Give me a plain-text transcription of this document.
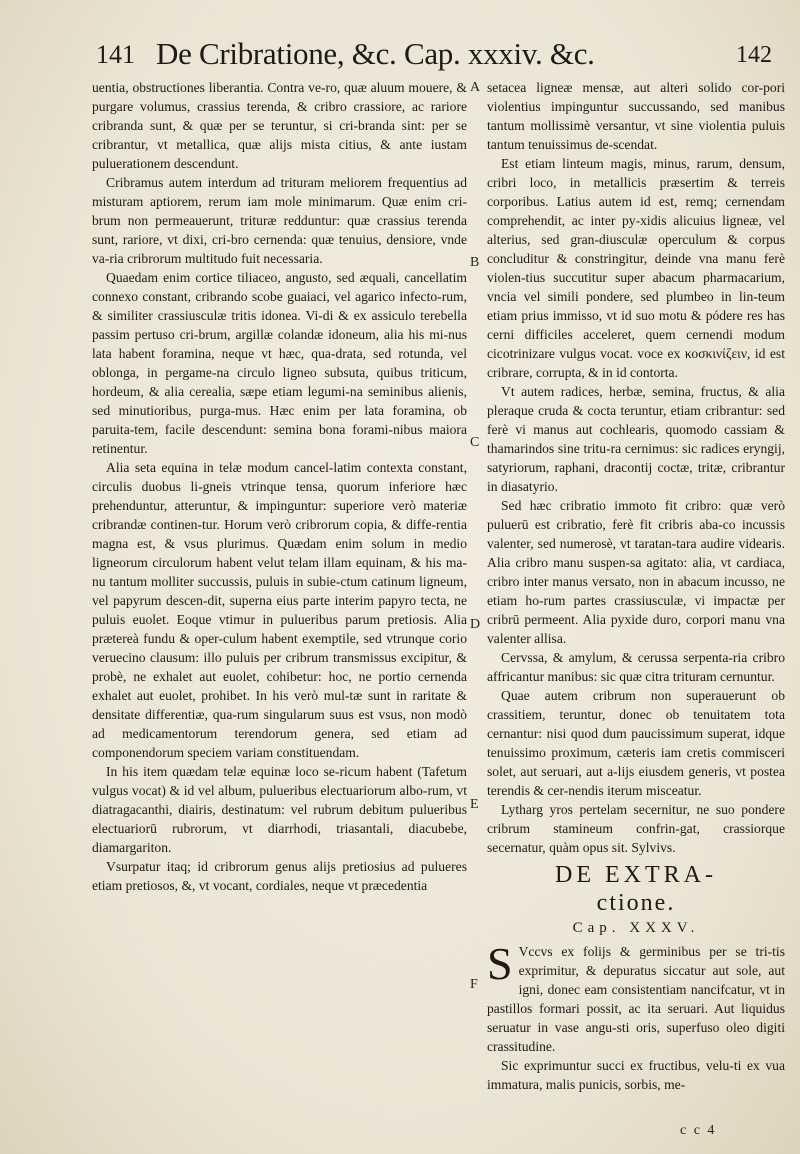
141 De Cribratione, &c. Cap. xxxiv. &c.	142
A
B
C
D
E
F

uentia, obstructiones liberantia. Contra ve-ro, quæ aluum mouere, & purgare volumus, crassius terenda, & cribro crassiore, ac rariore cribranda sunt, & quæ per se teruntur, si cri-branda sint: per se cribrantur, vt metallica, quæ alijs mista citius, & ante iustam puluerationem descendunt.

Cribramus autem interdum ad trituram meliorem frequentius ad misturam aptiorem, rerum iam mole minimarum. Quæ enim cri-brum non permeauerunt, trituræ redduntur: quæ crassius terenda sunt, rariore, vt dixi, cri-bro cernenda: quæ tenuius, densiore, vnde va-ria cribrorum multitudo fuit necessaria.

Quaedam enim cortice tiliaceo, angusto, sed æquali, cancellatim connexo constant, cribrando scobe guaiaci, vel agarico infecto-rum, & similiter crassiusculæ tritis idonea. Vi-di & ex assiculo terebella passim pertuso cri-brum, argillæ colandæ idoneum, alia his mi-nus lata habent foramina, neque vt hæc, qua-drata, sed rotunda, vel oblonga, in pergame-na circulo ligneo subsuta, quibus triticum, hordeum, & alia cerealia, sæpe etiam legumi-na seminibus alienis, sed minutioribus, purga-mus. Hæc enim per lata foramina, ob paruita-tem, facile descendunt: semina bona forami-nibus maiora retinentur.

Alia seta equina in telæ modum cancel-latim contexta constant, circulis duobus li-gneis vtrinque tensa, quorum inferiore hæc prehenduntur, atteruntur, & impinguntur: superiore verò materiæ cribrandæ continen-tur. Horum verò cribrorum copia, & diffe-rentia magna est, & vsus plurimus. Quædam enim solum in medio ligneorum circulorum habent velut telam illam equinam, & his ma-nu tantum molliter succussis, puluis in subie-ctum catinum ligneum, vel papyrum descen-dit, superna eius parte interim papyro tecta, ne puluis euolet. Eoque vtimur in pulueribus parum pretiosis. Alia prætereà fundu & oper-culum habent exemptile, sed vtrunque corio veruecino clausum: illo puluis per cribrum transmissus excipitur, & probè, ne exhalet aut euolet, cohibetur: hoc, ne portio cernenda exhalet aut euolet, prohibet. In his verò mul-tæ sunt in raritate & densitate differentiæ, qua-rum singularum suus est vsus, non modò ad medicamentorum terendorum genera, sed etiam ad componendorum speciem variam constituendam.

In his item quædam telæ equinæ loco se-ricum habent (Tafetum vulgus vocat) & id vel album, pulueribus electuariorum albo-rum, vt diatragacanthi, diairis, destinatum: vel rubrum debitum pulueribus electuariorū rubrorum, vt diarrhodi, triasantali, diacubebe, diamargariton.

Vsurpatur itaq; id cribrorum genus alijs pretiosius ad pulueres etiam pretiosos, &, vt vocant, cordiales, neque vt præcedentia

setacea ligneæ mensæ, aut alteri solido cor-pori violentius impinguntur succussando, sed manibus tantum mollissimè versantur, vt sine violentia puluis tantum tenuissimus de-scendat.

Est etiam linteum magis, minus, rarum, densum, cribri loco, in metallicis præsertim & terreis corporibus. Latius autem id est, remq; cernendam comprehendit, ac inter py-xidis alicuius ligneæ, vel alterius, sed gran-diusculæ operculum & corpus concluditur & constringitur, deinde vna manu ferè violen-tius succutitur super abacum pharmacarium, vncia vel simili pondere, sed plumbeo in lin-teum etiam prius immisso, vt id suo motu & pódere res has cerni difficiles acceleret, quem cernendi modum cicotrinizare vulgus vocat. voce ex κοσκινίζειν, id est cribrare, corrupta, & in id contorta.

Vt autem radices, herbæ, semina, fructus, & alia pleraque cruda & cocta teruntur, etiam cribrantur: sed ferè vi manus aut cochlearis, quomodo cassiam & thamarindos sine tritu-ra cernimus: sic radices eryngij, satyriorum, raphani, dracontij coctæ, tritæ, cribrantur in diasatyrio.

Sed hæc cribratio immoto fit cribro: quæ verò puluerū est cribratio, ferè fit cribris aba-co incussis valenter, sed numerosè, vt taratan-tara audire videaris. Alia cribro manu suspen-sa agitato: alia, vt cardiaca, cribro inter manus versato, non in abacum incusso, ne etiam ho-rum partes crassiusculæ, vi impactæ per cribrū permeent. Alia pyxide duro, corpori manu vna valenter allisa.

Cervssa, & amylum, & cerussa serpenta-ria cribro affricantur manibus: sic quæ citra trituram cernuntur.

Quae autem cribrum non superauerunt ob crassitiem, teruntur, donec ob tenuitatem tota cernantur: nisi quod dum paucissimum superat, idque tenuissimo proximum, cæteris iam cretis commisceri solet, aut seruari, aut a-lijs eiusdem generis, vt postea terendis & cer-nendis iterum misceatur.

Lytharg yros pertelam secernitur, ne suo pondere cribrum stamineum confrin-gat, crassiorque secernatur, quàm opus sit. Sylvivs.

DE EXTRA-
ctione.
Cap. XXXV.

S Vccvs ex folijs & germinibus per se tri-tis exprimitur, & depuratus siccatur aut sole, aut igni, donec eam consistentiam nancifcatur, vt in pastillos formari possit, ac ita seruari. Aut liquidus seruatur in vase angu-sti oris, superfuso oleo digiti crassitudine.

Sic exprimuntur succi ex fructibus, velu-ti ex vua immatura, malis punicis, sorbis, me-

c c 4
